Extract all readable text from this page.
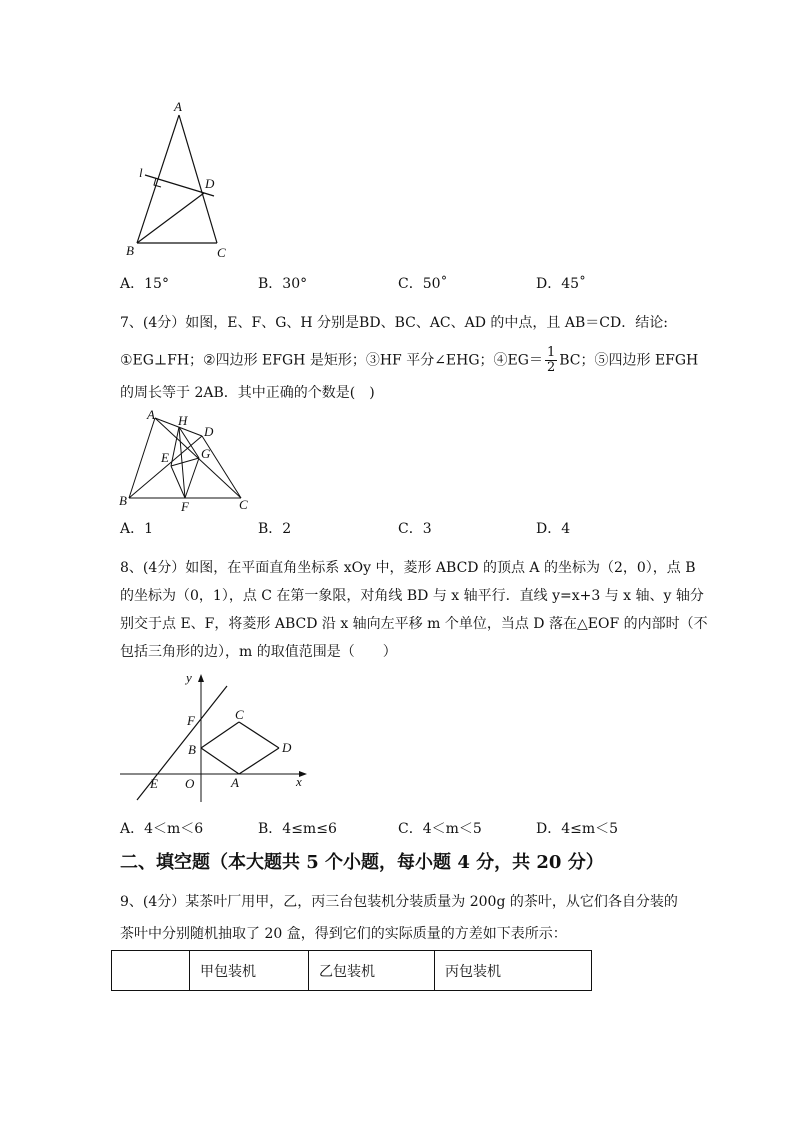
A
l
D
B	C
A．15°	B．30°	C．50˚	D．45˚
7、(4分）如图，E、F、G、H 分别是BD、BC、AC、AD 的中点，且 AB＝CD．结论:
①EG⊥FH；②四边形 EFGH 是矩形；③HF 平分∠EHG；④EG＝ $\frac{1}{2}$ BC；⑤四边形 EFGH
的周长等于 2AB．其中正确的个数是(　)
A H
D
E G
B	F	C
A．1	B．2	C．3	D．4
8、(4分）如图，在平面直角坐标系 xOy 中，菱形 ABCD 的顶点 A 的坐标为（2，0），点 B
的坐标为（0，1），点 C 在第一象限，对角线 BD 与 x 轴平行．直线 y=x+3 与 x 轴、y 轴分
别交于点 E、F，将菱形 ABCD 沿 x 轴向左平移 m 个单位，当点 D 落在△EOF 的内部时（不
包括三角形的边），m 的取值范围是（　　）
y
x
F	C
B	D
E O	A
A．4＜m＜6	B．4≤m≤6	C．4＜m＜5	D．4≤m＜5
二、填空题（本大题共 5 个小题，每小题 4 分，共 20 分）
9、(4分）某茶叶厂用甲，乙，丙三台包装机分装质量为 200g 的茶叶，从它们各自分装的
茶叶中分别随机抽取了 20 盒，得到它们的实际质量的方差如下表所示：
	甲包装机	乙包装机	丙包装机
